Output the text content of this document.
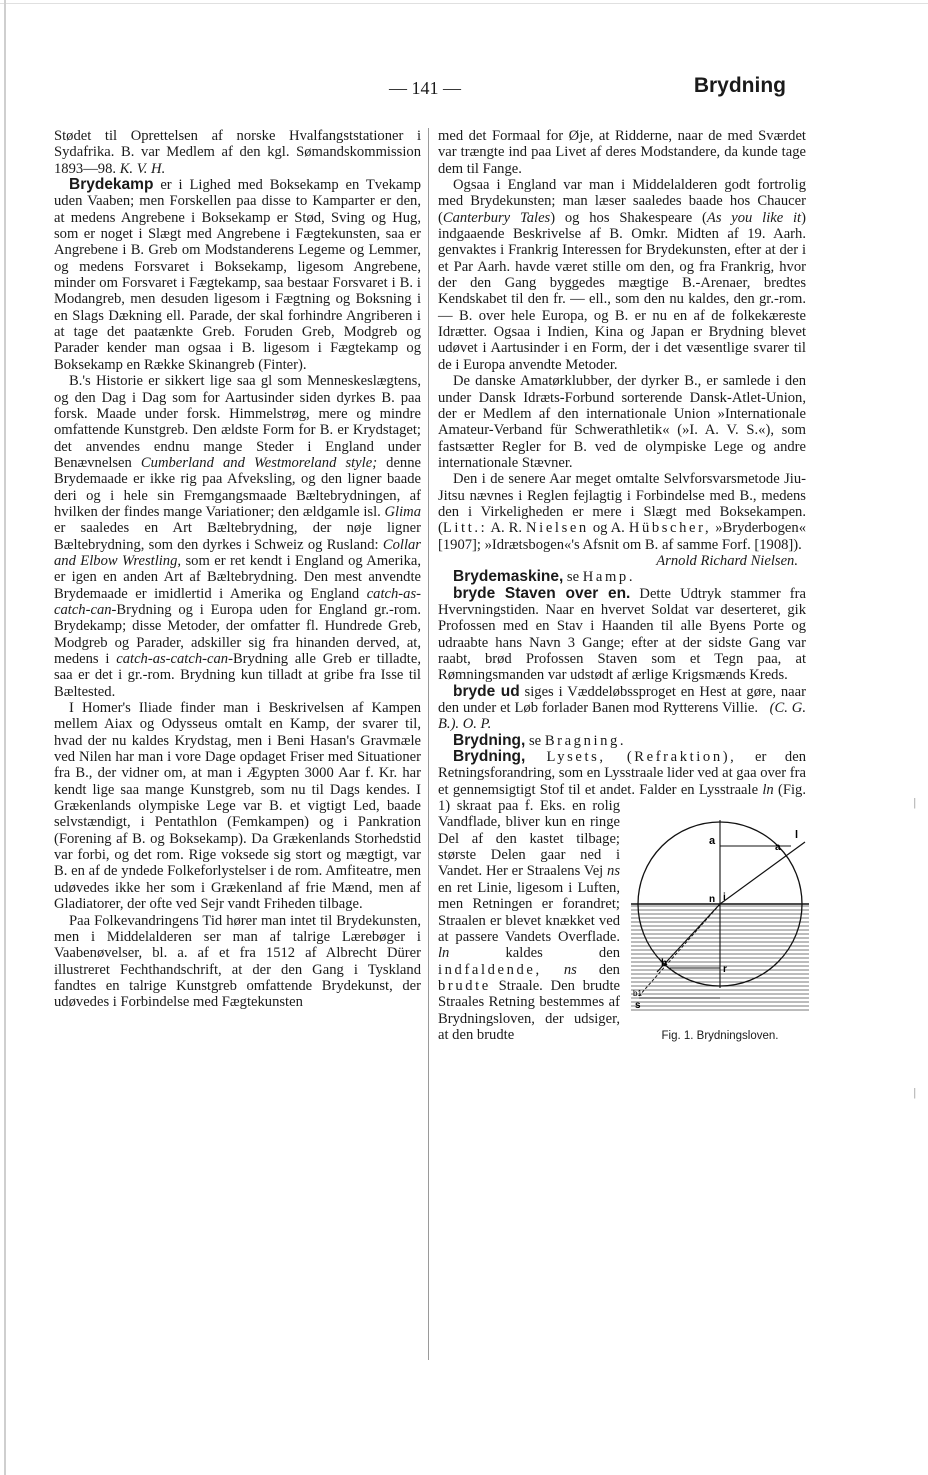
— 141 —	Brydning
|
|

Stødet til Oprettelsen af norske Hvalfangststationer i Sydafrika. B. var Medlem af den kgl. Sømandskommission 1893—98. K. V. H.

Brydekamp er i Lighed med Boksekamp en Tvekamp uden Vaaben; men Forskellen paa disse to Kamparter er den, at medens Angrebene i Boksekamp er Stød, Sving og Hug, som er noget i Slægt med Angrebene i Fægtekunsten, saa er Angrebene i B. Greb om Modstanderens Legeme og Lemmer, og medens Forsvaret i Boksekamp, ligesom Angrebene, minder om Forsvaret i Fægtekamp, saa bestaar Forsvaret i B. i Modangreb, men desuden ligesom i Fægtning og Boksning i en Slags Dækning ell. Parade, der skal forhindre Angriberen i at tage det paatænkte Greb. Foruden Greb, Modgreb og Parader kender man ogsaa i B. ligesom i Fægtekamp og Boksekamp en Række Skinangreb (Finter).

B.'s Historie er sikkert lige saa gl som Menneskeslægtens, og den Dag i Dag som for Aartusinder siden dyrkes B. paa forsk. Maade under forsk. Himmelstrøg, mere og mindre omfattende Kunstgreb. Den ældste Form for B. er Krydstaget; det anvendes endnu mange Steder i England under Benævnelsen Cumberland and Westmoreland style; denne Brydemaade er ikke rig paa Afveksling, og den ligner baade deri og i hele sin Fremgangsmaade Bæltebrydningen, af hvilken der findes mange Variationer; den ældgamle isl. Glima er saaledes en Art Bæltebrydning, der nøje ligner Bæltebrydning, som den dyrkes i Schweiz og Rusland: Collar and Elbow Wrestling, som er ret kendt i England og Amerika, er igen en anden Art af Bæltebrydning. Den mest anvendte Brydemaade er imidlertid i Amerika og England catch-as-catch-can-Brydning og i Europa uden for England gr.-rom. Brydekamp; disse Metoder, der omfatter fl. Hundrede Greb, Modgreb og Parader, adskiller sig fra hinanden derved, at, medens i catch-as-catch-can-Brydning alle Greb er tilladte, saa er det i gr.-rom. Brydning kun tilladt at gribe fra Isse til Bæltested.

I Homer's Iliade finder man i Beskrivelsen af Kampen mellem Aiax og Odysseus omtalt en Kamp, der svarer til, hvad der nu kaldes Krydstag, men i Beni Hasan's Gravmæle ved Nilen har man i vore Dage opdaget Friser med Situationer fra B., der vidner om, at man i Ægypten 3000 Aar f. Kr. har kendt lige saa mange Kunstgreb, som nu til Dags kendes. I Grækenlands olympiske Lege var B. et vigtigt Led, baade selvstændigt, i Pentathlon (Femkampen) og i Pankration (Forening af B. og Boksekamp). Da Grækenlands Storhedstid var forbi, og det rom. Rige voksede sig stort og mægtigt, var B. en af de yndede Folkeforlystelser i de rom. Amfiteatre, men udøvedes ikke her som i Grækenland af frie Mænd, men af Gladiatorer, der ofte ved Sejr vandt Friheden tilbage.

Paa Folkevandringens Tid hører man intet til Brydekunsten, men i Middelalderen ser man af talrige Lærebøger i Vaabenøvelser, bl. a. af et fra 1512 af Albrecht Dürer illustreret Fechthandschrift, at der den Gang i Tyskland fandtes en talrige Kunstgreb omfattende Brydekunst, der udøvedes i Forbindelse med Fægtekunsten

med det Formaal for Øje, at Ridderne, naar de med Sværdet var trængte ind paa Livet af deres Modstandere, da kunde tage dem til Fange.

Ogsaa i England var man i Middelalderen godt fortrolig med Brydekunsten; man læser saaledes baade hos Chaucer (Canterbury Tales) og hos Shakespeare (As you like it) indgaaende Beskrivelse af B. Omkr. Midten af 19. Aarh. genvaktes i Frankrig Interessen for Brydekunsten, efter at der i et Par Aarh. havde været stille om den, og fra Frankrig, hvor der den Gang byggedes mægtige B.-Arenaer, bredtes Kendskabet til den fr. — ell., som den nu kaldes, den gr.-rom. — B. over hele Europa, og B. er nu en af de folkekæreste Idrætter. Ogsaa i Indien, Kina og Japan er Brydning blevet udøvet i Aartusinder i en Form, der i det væsentlige svarer til de i Europa anvendte Metoder.

De danske Amatørklubber, der dyrker B., er samlede i den under Dansk Idræts-Forbund sorterende Dansk-Atlet-Union, der er Medlem af den internationale Union »Internationale Amateur-Verband für Schwerathletik« (»I. A. V. S.«), som fastsætter Regler for B. ved de olympiske Lege og andre internationale Stævner.

Den i de senere Aar meget omtalte Selvforsvarsmetode Jiu-Jitsu nævnes i Reglen fejlagtig i Forbindelse med B., medens den i Virkeligheden er mere i Slægt med Boksekampen. (Litt.: A. R. Nielsen og A. Hübscher, »Bryderbogen« [1907]; »Idrætsbogen«'s Afsnit om B. af samme Forf. [1908]).

Arnold Richard Nielsen.

Brydemaskine, se Hamp.

bryde Staven over en. Dette Udtryk stammer fra Hvervningstiden. Naar en hvervet Soldat var deserteret, gik Profossen med en Stav i Haanden til alle Byens Porte og udraabte hans Navn 3 Gange; efter at der sidste Gang var raabt, brød Profossen Staven som et Tegn paa, at Rømningsmanden var udstødt af ærlige Krigsmænds Kreds.

bryde ud siges i Væddeløbssproget en Hest at gøre, naar den under et Løb forlader Banen mod Rytterens Villie. (C. G. B.). O. P.

Brydning, se Bragning.

Brydning, Lysets, (Refraktion), er den Retningsforandring, som en Lysstraale lider ved at gaa over fra et gennemsigtigt Stof til et andet. Falder en Lysstraale
a	l
a
n i
b
r
s
b1
Fig. 1. Brydningsloven.
ln (Fig. 1) skraat paa f. Eks. en rolig Vandflade, bliver kun en ringe Del af den kastet tilbage; største Delen gaar ned i Vandet. Her er Straalens Vej ns en ret Linie, ligesom i Luften, men Retningen er forandret; Straalen er blevet knækket ved at passere Vandets Overflade. ln kaldes den indfaldende, ns den brudte Straale. Den brudte Straales Retning bestemmes af Brydningsloven, der udsiger, at den brudte
